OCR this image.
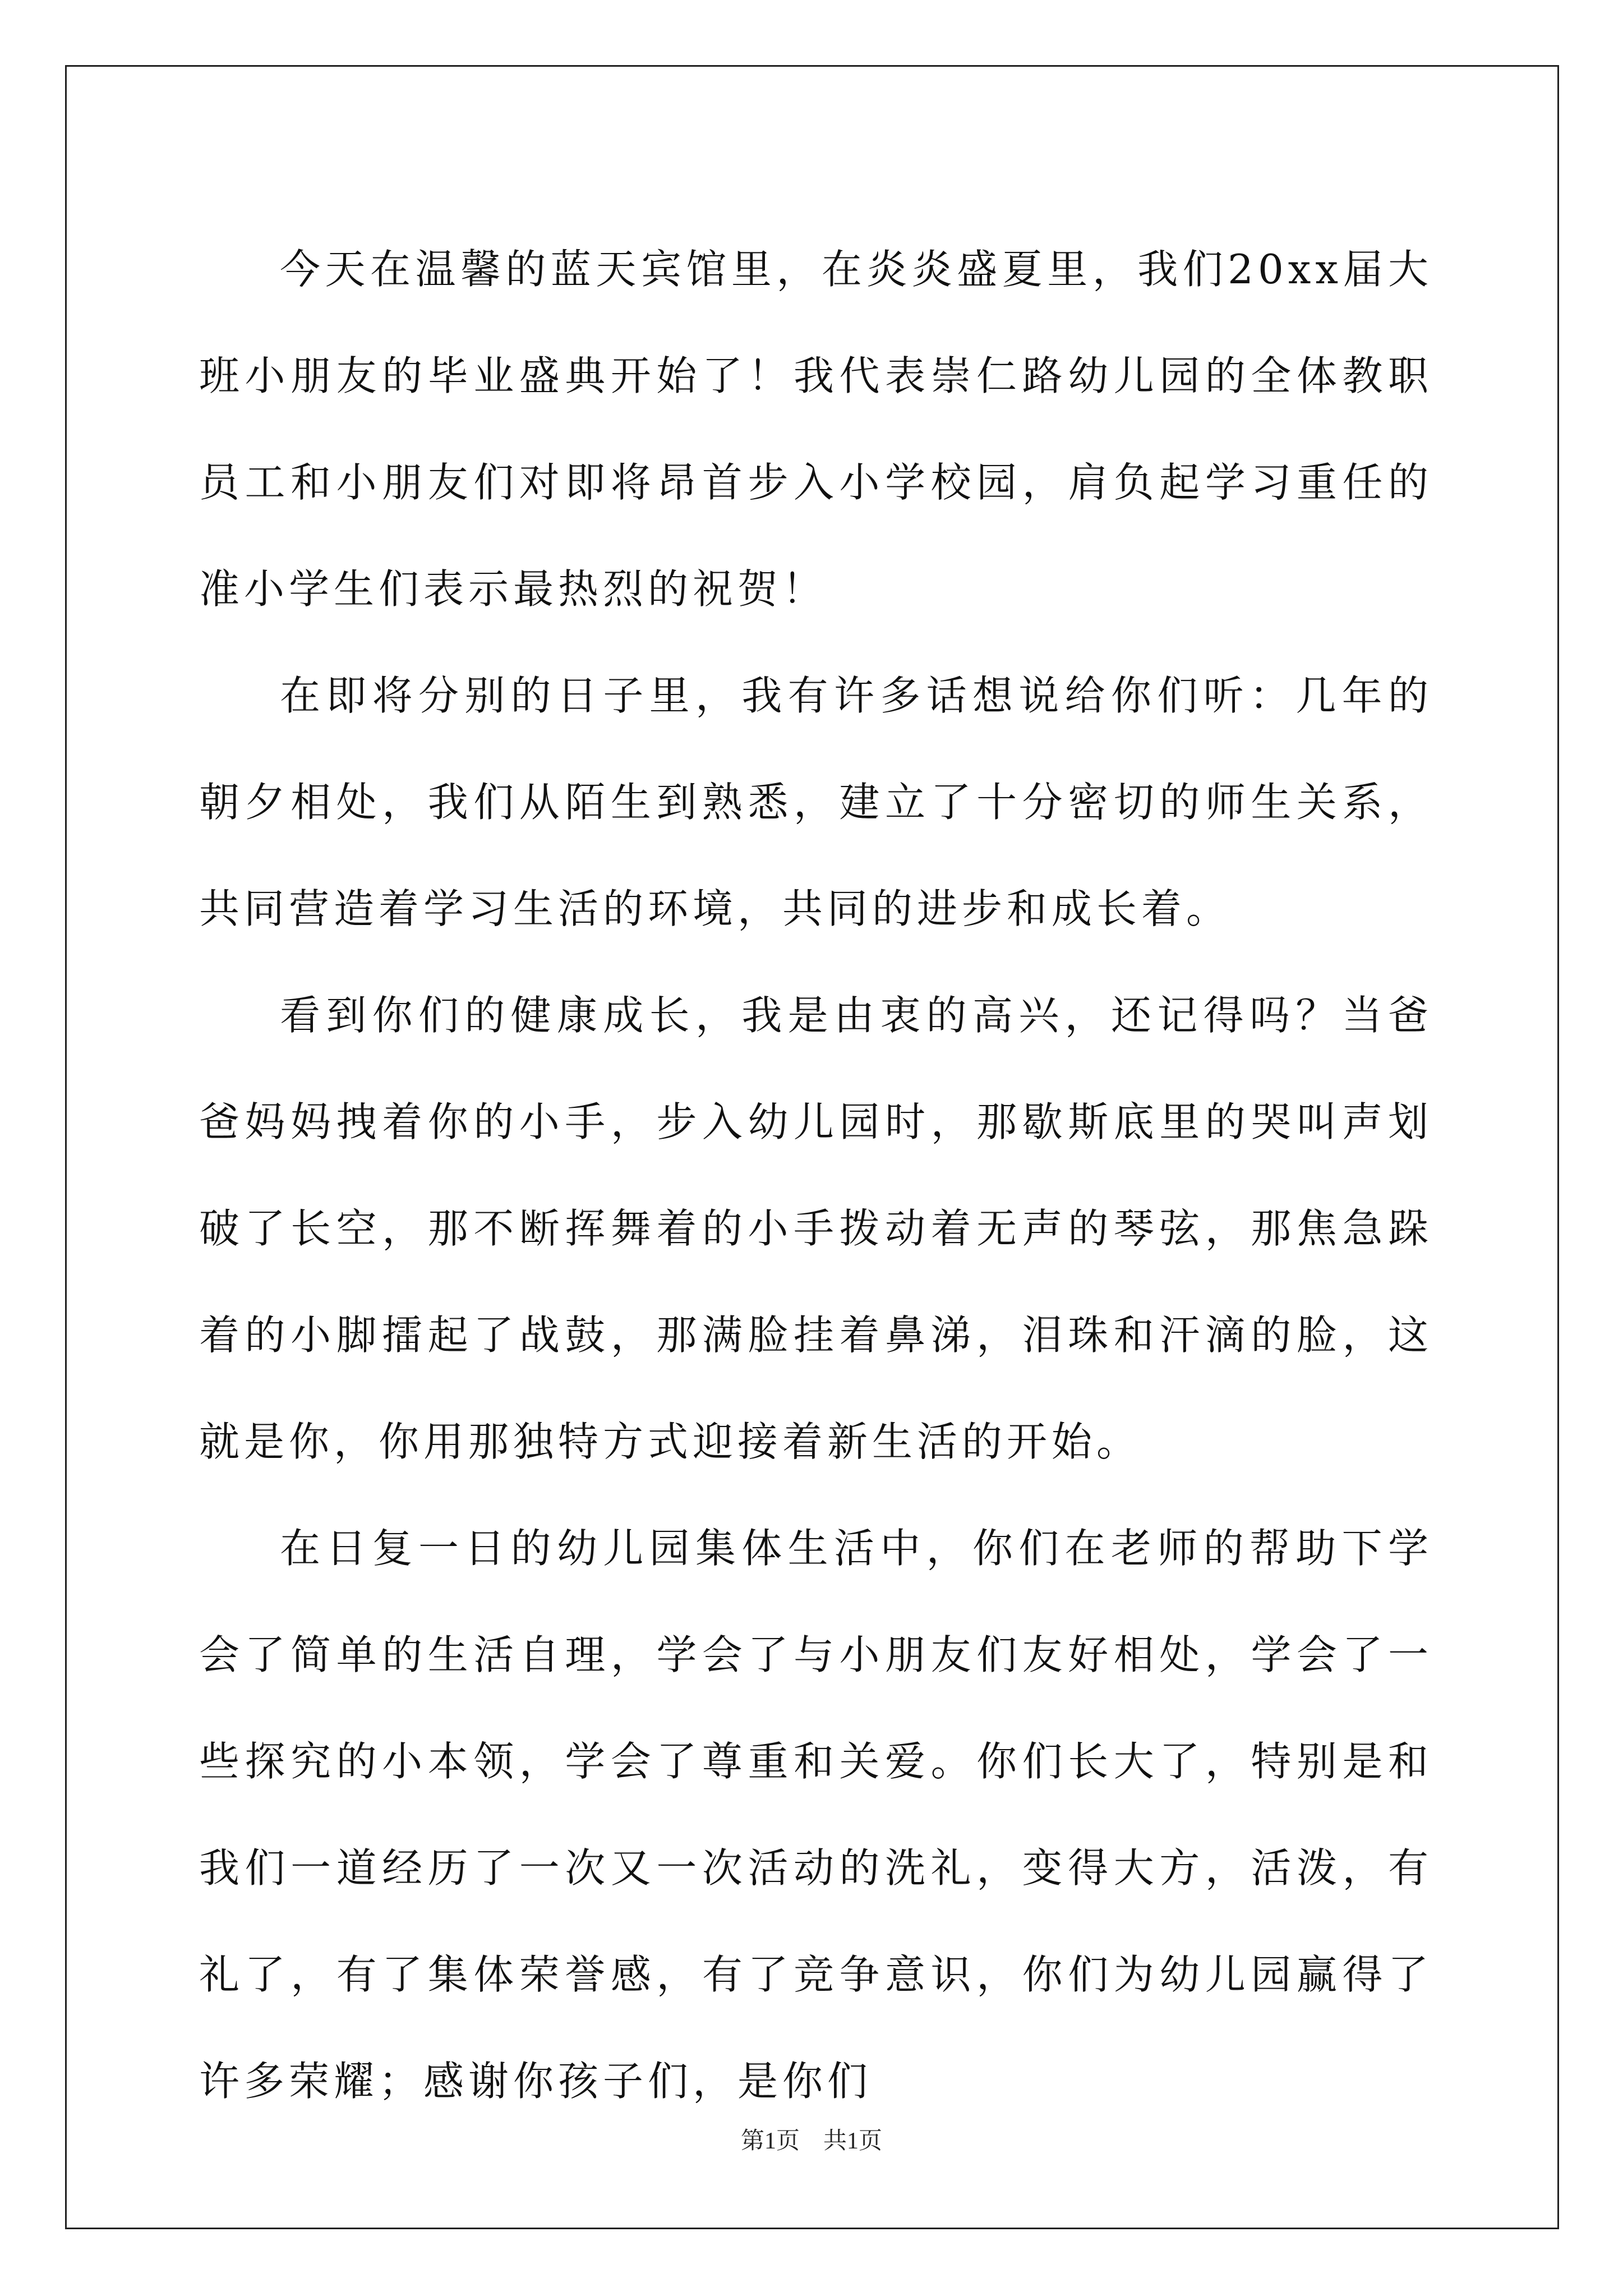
今天在温馨的蓝天宾馆里，在炎炎盛夏里，我们20xx届大班小朋友的毕业盛典开始了！我代表崇仁路幼儿园的全体教职员工和小朋友们对即将昂首步入小学校园，肩负起学习重任的准小学生们表示最热烈的祝贺！

在即将分别的日子里，我有许多话想说给你们听：几年的朝夕相处，我们从陌生到熟悉，建立了十分密切的师生关系，共同营造着学习生活的环境，共同的进步和成长着。

看到你们的健康成长，我是由衷的高兴，还记得吗？当爸爸妈妈拽着你的小手，步入幼儿园时，那歇斯底里的哭叫声划破了长空，那不断挥舞着的小手拨动着无声的琴弦，那焦急跺着的小脚擂起了战鼓，那满脸挂着鼻涕，泪珠和汗滴的脸，这就是你，你用那独特方式迎接着新生活的开始。

在日复一日的幼儿园集体生活中，你们在老师的帮助下学会了简单的生活自理，学会了与小朋友们友好相处，学会了一些探究的小本领，学会了尊重和关爱。你们长大了，特别是和我们一道经历了一次又一次活动的洗礼，变得大方，活泼，有礼了，有了集体荣誉感，有了竞争意识，你们为幼儿园赢得了许多荣耀；感谢你孩子们，是你们

第1页　共1页
